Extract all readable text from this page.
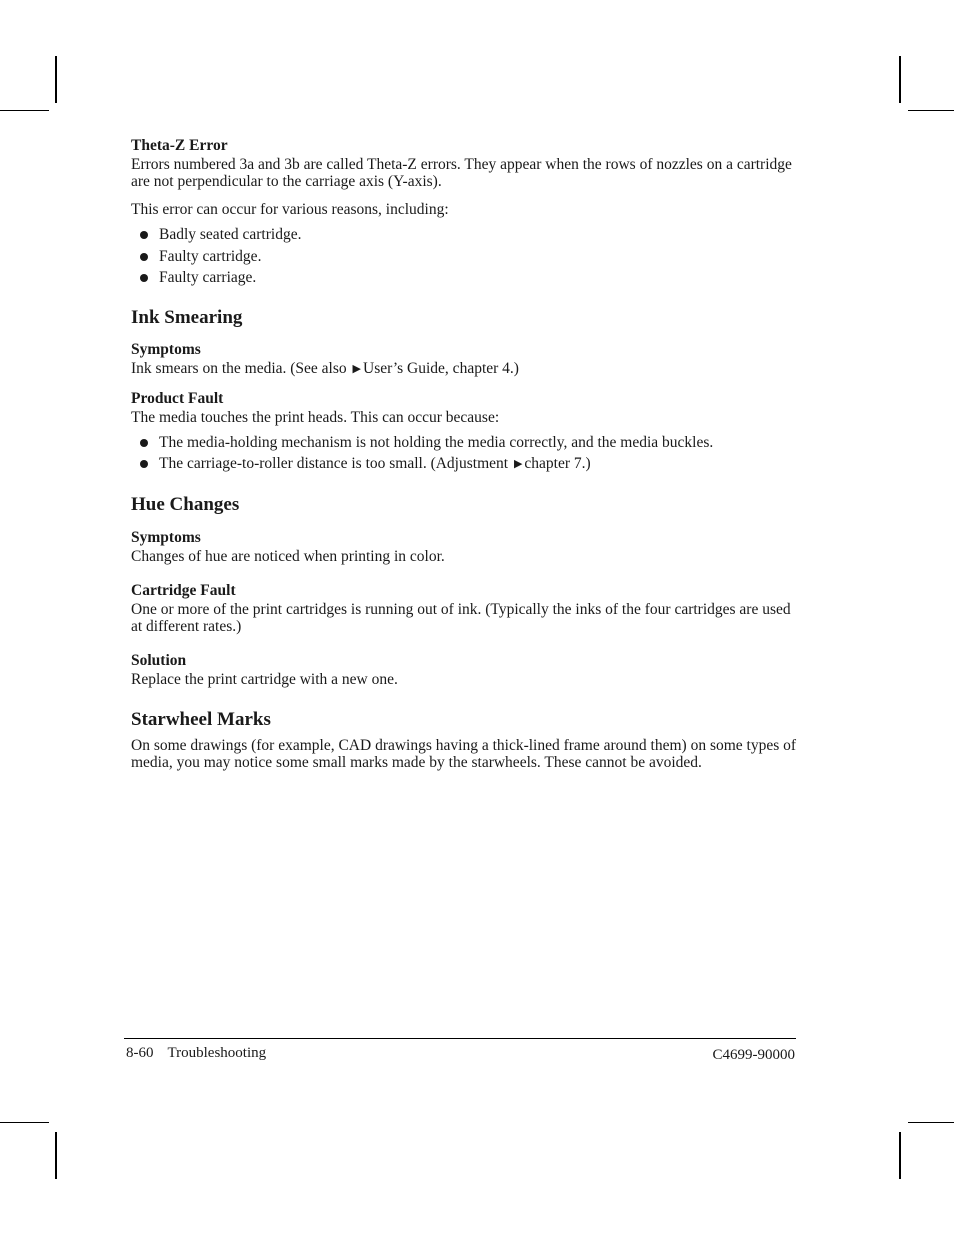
Theta-Z Error

Errors numbered 3a and 3b are called Theta-Z errors. They appear when the rows of nozzles on a cartridge are not perpendicular to the carriage axis (Y-axis).

This error can occur for various reasons, including:

Badly seated cartridge.
Faulty cartridge.
Faulty carriage.
Ink Smearing

Symptoms

Ink smears on the media. (See also ▶ User’s Guide, chapter 4.)

Product Fault

The media touches the print heads. This can occur because:

The media-holding mechanism is not holding the media correctly, and the media buckles.
The carriage-to-roller distance is too small. (Adjustment ▶ chapter 7.)
Hue Changes

Symptoms

Changes of hue are noticed when printing in color.

Cartridge Fault

One or more of the print cartridges is running out of ink. (Typically the inks of the four cartridges are used at different rates.)

Solution

Replace the print cartridge with a new one.

Starwheel Marks

On some drawings (for example, CAD drawings having a thick-lined frame around them) on some types of media, you may notice some small marks made by the starwheels. These cannot be avoided.

8-60 Troubleshooting	C4699-90000
